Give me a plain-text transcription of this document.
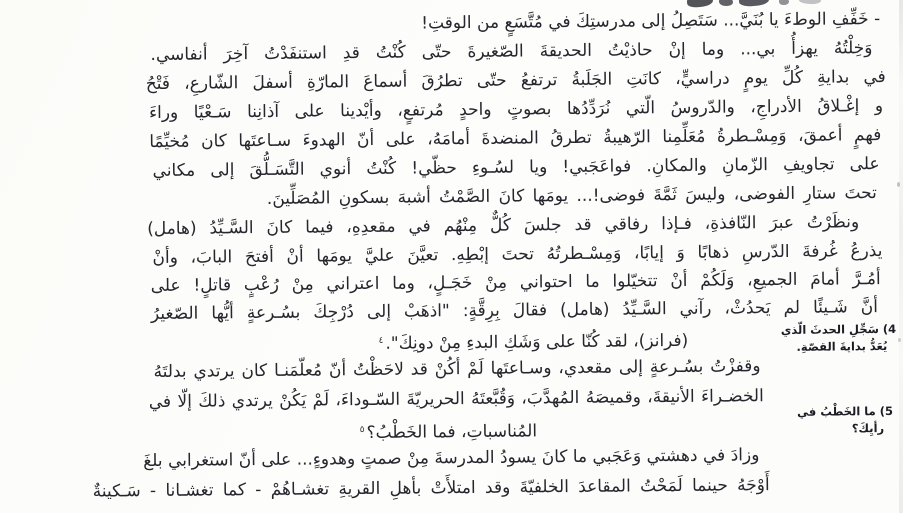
- خَفِّفِ الوطءَ يا بُنَيَّ... سَتَصِلُ إلى مدرستِكَ في مُتَّسَعٍ من الوقتِ!
وَخِلْتُهُ يهزأُ بي... وما إنْ حاذيْتُ الحديقةَ الصّغيرةَ حتّى كُنْتُ قدِ استنفَدْتُ آخِرَ أنفاسي.
في بدايةِ كُلِّ يومٍ دراسيٍّ، كانَتِ الجَلَبةُ ترتفعُ حتّى تطرُقَ أسماعَ المارّةِ أسفلَ الشّارعِ، فَتْحُ
و إغْـلاقُ الأدراجِ، والدّروسُ الّتي نُرَدِّدُها بصوتٍ واحدٍ مُرتفعٍ، وأيْدينا على آذانِنا سَـعْيًا وراءَ
فهمٍ أعمقَ، وَمِسْـطرةُ مُعَلِّمِنا الرّهيبةُ تطرقُ المنضدةَ أمامَهُ، على أنّ الهدوءَ سـاعتَها كان مُخيِّمًا
على تجاويفِ الزّمانِ والمكانِ. فواعَجَبي! ويا لسُـوءِ حظّي! كُنْتُ أنوي التَّسَـلُّقَ إلى مكاني
تحتَ ستارِ الفوضى، وليسَ ثَمَّةَ فوضى!... يومَها كانَ الصَّمْتُ أشبهَ بسكونِ المُصَلِّينَ.
ونظَرْتُ عبرَ النّافذةِ، فـإذا رفاقي قد جلسَ كُلٌّ مِنْهُم في مقعدِهِ، فيما كانَ السَّـيِّدُ (هامل)
يذرعُ غُرفةَ الدّرسِ ذهابًا وَ إيابًا، وَمِسْـطرتُهُ تحتَ إبْطِهِ. تعيَّنَ عليَّ يومَها أنْ أفتحَ البابَ، وأنْ
أمُـرَّ أمامَ الجميعِ، وَلَكُمْ أنْ تتخيّلوا ما احتواني مِنْ خَجَـلٍ، وما اعتراني مِنْ رُعْبٍ قاتلٍ! على
أنَّ شَـيئًا لم يَحدُثْ، رآني السَّـيِّدُ (هامل) فقالَ بِرِقَّةٍ: "اذهَبْ إلى دُرْجِكَ بسُـرعةٍ أيُّها الصّغيرُ
(فرانز)، لقد كُنّا على وَشَكِ البدءِ مِنْ دونِكَ".$^٤$
وقفزْتُ بسُـرعةٍ إلى مقعدي، وسـاعتَها لَمْ أكُنْ قد لاحَظْتُ أنّ مُعلّمَنـا كان يرتدي بدلتَهُ
الخضـراءَ الأنيقةَ، وقميصَهُ المُهدَّبَ، وَقُبَّعتَهُ الحريريّةَ السّـوداءَ، لَمْ يَكُنْ يرتدي ذلكَ إلّا في
المُناسباتِ، فما الخَطْبُ؟$^٥$
وزادَ في دهشتي وَعَجَبي ما كانَ يسودُ المدرسةَ مِنْ صمتٍ وهدوءٍ... على أنّ استغرابي بلغَ
أَوْجَهُ حينما لَمَحْتُ المقاعدَ الخلفيّةَ وقد امتلأَتْ بأهلِ القريةِ تغشـاهُمْ - كما تغشـانا - سَـكينةٌ
4) سَجِّلِ الحدثَ الّذي
يُعَدُّ بدايةَ القصّةِ.
5) ما الخَطْبُ في
رأيِكَ؟
